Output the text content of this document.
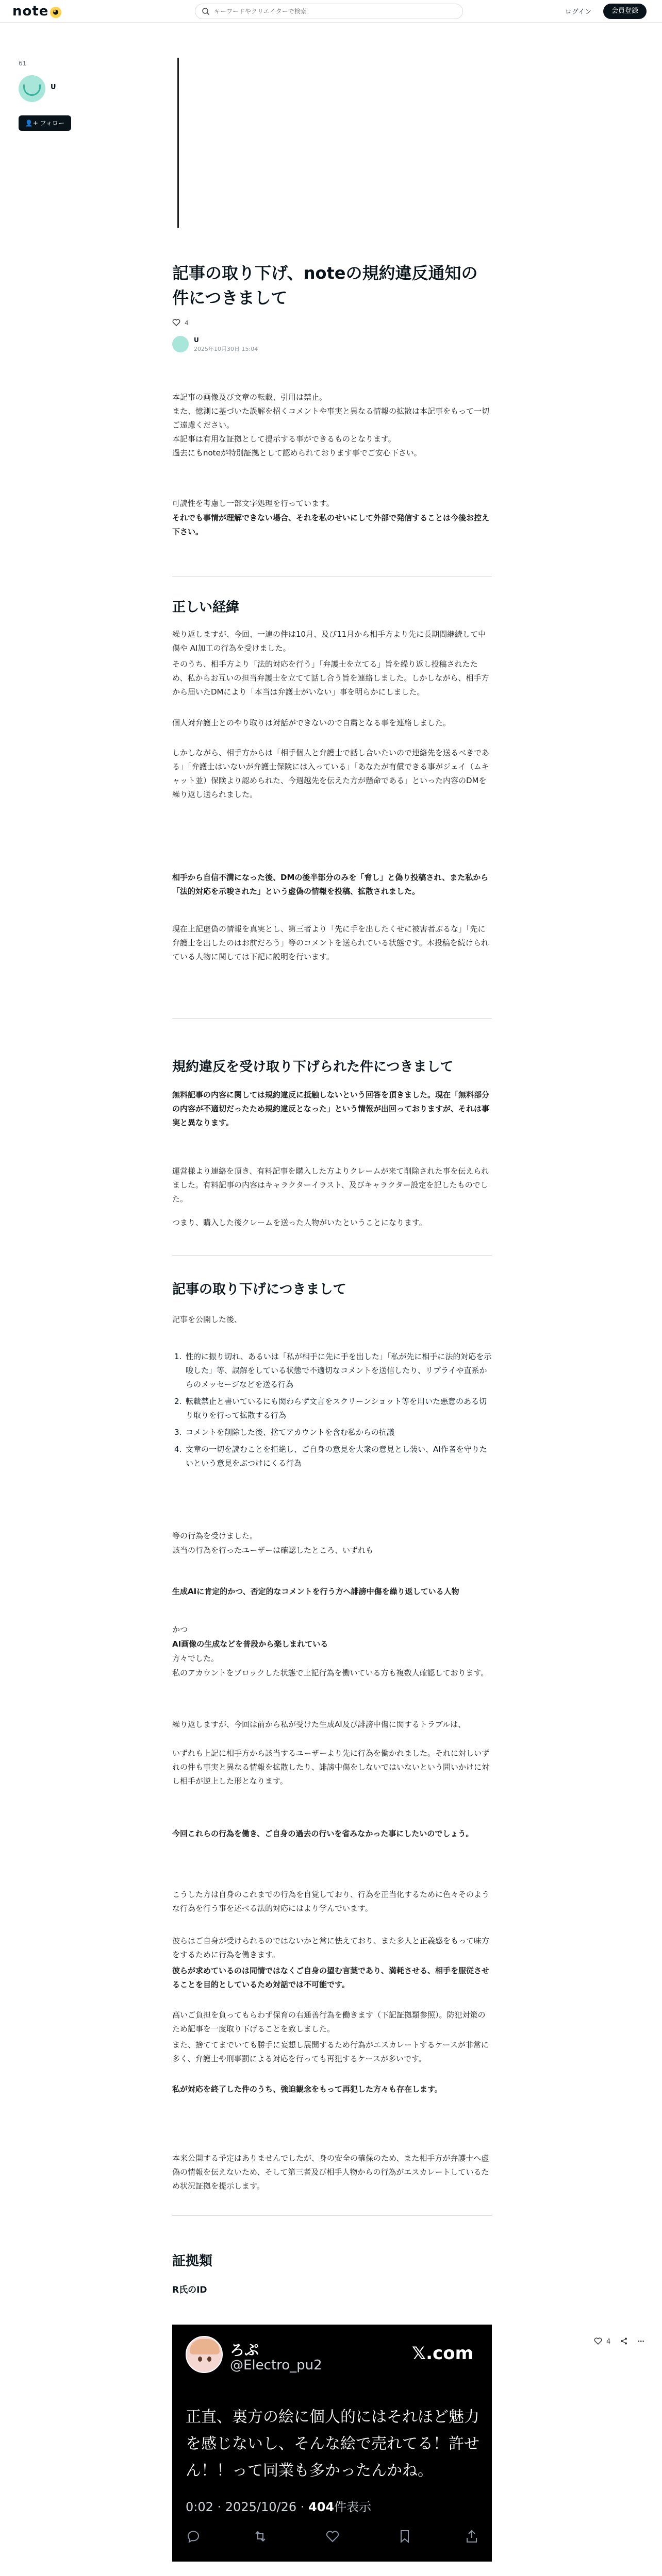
note ◕
キーワードやクリエイターで検索	ログイン	会員登録
61
U
👤+ フォロー
記事の取り下げ、noteの規約違反通知の件につきまして
4
U
2025年10月30日 15:04
本記事の画像及び文章の転載、引用は禁止。
また、憶測に基づいた誤解を招くコメントや事実と異なる情報の拡散は本記事をもって一切ご遠慮ください。
本記事は有用な証拠として提示する事ができるものとなります。
過去にもnoteが特別証拠として認められております事でご安心下さい。
可読性を考慮し一部文字処理を行っています。
それでも事情が理解できない場合、それを私のせいにして外部で発信することは今後お控え下さい。
正しい経緯
繰り返しますが、今回、一連の件は10月、及び11月から相手方より先に長期間継続して中傷や AI加工の行為を受けました。
そのうち、相手方より「法的対応を行う」「弁護士を立てる」旨を繰り返し投稿されたため、私からお互いの担当弁護士を立てて話し合う旨を連絡しました。しかしながら、相手方から届いたDMにより「本当は弁護士がいない」事を明らかにしました。
個人対弁護士とのやり取りは対話ができないので自粛となる事を連絡しました。
しかしながら、相手方からは「相手個人と弁護士で話し合いたいので連絡先を送るべきである」「弁護士はいないが弁護士保険には入っている」「あなたが有償できる事がジェイ（ムキャット並）保険より認められた、今週越先を伝えた方が懸命である」といった内容のDMを繰り返し送られました。
相手から自信不満になった後、DMの後半部分のみを「脅し」と偽り投稿され、また私から「法的対応を示唆された」という虚偽の情報を投稿、拡散されました。
現在上記虚偽の情報を真実とし、第三者より「先に手を出したくせに被害者ぶるな」「先に弁護士を出したのはお前だろう」等のコメントを送られている状態です。本投稿を続けられている人物に関しては下記に説明を行います。
規約違反を受け取り下げられた件につきまして
無料記事の内容に関しては規約違反に抵触しないという回答を頂きました。現在「無料部分の内容が不適切だったため規約違反となった」という情報が出回っておりますが、それは事実と異なります。
運営様より連絡を頂き、有料記事を購入した方よりクレームが来て削除された事を伝えられました。有料記事の内容はキャラクターイラスト、及びキャラクター設定を記したものでした。
つまり、購入した後クレームを送った人物がいたということになります。
記事の取り下げにつきまして
記事を公開した後、
1. 性的に振り切れ、あるいは「私が相手に先に手を出した」「私が先に相手に法的対応を示唆した」等、誤解をしている状態で不適切なコメントを送信したり、リプライや直系からのメッセージなどを送る行為
2. 転載禁止と書いているにも関わらず文言をスクリーンショット等を用いた悪意のある切り取りを行って拡散する行為
3. コメントを削除した後、捨てアカウントを含む私からの抗議
4. 文章の一切を読むことを拒絶し、ご自身の意見を大衆の意見とし装い、AI作者を守りたいという意見をぶつけにくる行為
等の行為を受けました。
該当の行為を行ったユーザーは確認したところ、いずれも
生成AIに肯定的かつ、否定的なコメントを行う方へ誹謗中傷を繰り返している人物
かつ
AI画像の生成などを普段から楽しまれている
方々でした。
私のアカウントをブロックした状態で上記行為を働いている方も複数人確認しております。
繰り返しますが、今回は前から私が受けた生成AI及び誹謗中傷に関するトラブルは、
いずれも上記に相手方から該当するユーザーより先に行為を働かれました。それに対しいずれの件も事実と異なる情報を拡散したり、誹謗中傷をしないではいないという問いかけに対し相手が逆上した形となります。
今回これらの行為を働き、ご自身の過去の行いを省みなかった事にしたいのでしょう。
こうした方は自身のこれまでの行為を自覚しており、行為を正当化するために色々そのような行為を行う事を述べる法的対応にはより学んでいます。
彼らはご自身が受けられるのではないかと常に怯えており、また多人と正義感をもって味方をするために行為を働きます。
彼らが求めているのは同情ではなくご自身の望む言葉であり、満耗させる、相手を服従させることを目的としているため対話では不可能です。
高いご負担を負ってもらわず保育の右通善行為を働きます（下記証拠類参照）。防犯対策のため記事を一度取り下げることを致しました。
また、捨ててまでいても勝手に妄想し展開するため行為がエスカレートするケースが非常に多く、弁護士や刑事罰による対応を行っても再犯するケースが多いです。
私が対応を終了した件のうち、強迫観念をもって再犯した方々も存在します。
本来公開する予定はありませんでしたが、身の安全の確保のため、また相手方が弁護士へ虚偽の情報を伝えないため、そして第三者及び相手人物からの行為がエスカレートしているため状況証拠を提示します。
証拠類
R氏のID
4	⋯
ろぷ
@Electro_pu2
𝕏.com
正直、裏方の絵に個人的にはそれほど魅力を感じないし、そんな絵で売れてる！許せん！！って同業も多かったんかね。
0:02 · 2025/10/26 · 404件表示
